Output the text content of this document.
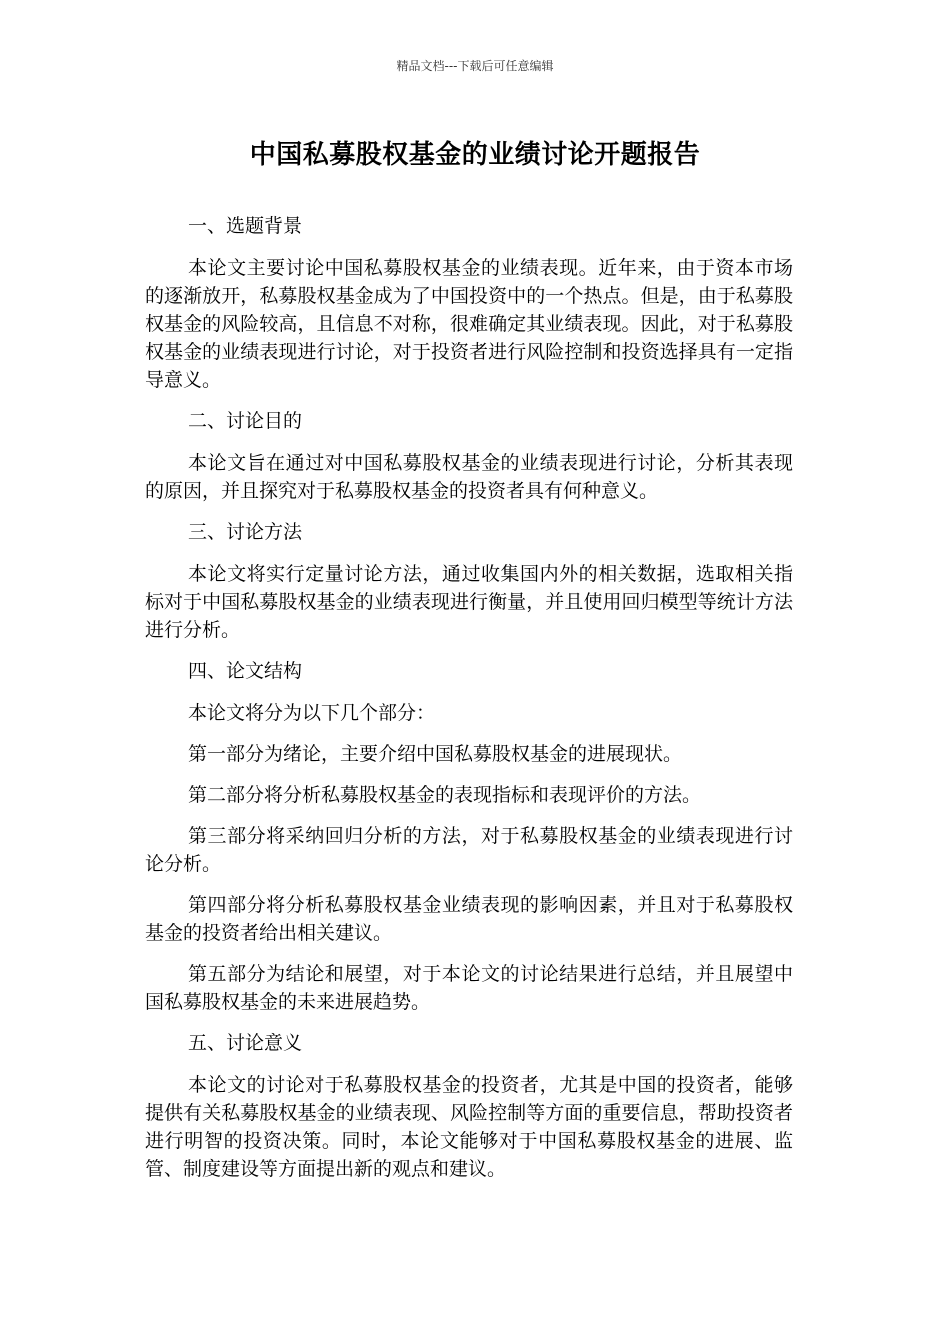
精品文档---下载后可任意编辑
中国私募股权基金的业绩讨论开题报告
一、选题背景

本论文主要讨论中国私募股权基金的业绩表现。近年来，由于资本市场的逐渐放开，私募股权基金成为了中国投资中的一个热点。但是，由于私募股权基金的风险较高，且信息不对称，很难确定其业绩表现。因此，对于私募股权基金的业绩表现进行讨论，对于投资者进行风险控制和投资选择具有一定指导意义。

二、讨论目的

本论文旨在通过对中国私募股权基金的业绩表现进行讨论，分析其表现的原因，并且探究对于私募股权基金的投资者具有何种意义。

三、讨论方法

本论文将实行定量讨论方法，通过收集国内外的相关数据，选取相关指标对于中国私募股权基金的业绩表现进行衡量，并且使用回归模型等统计方法进行分析。

四、论文结构

本论文将分为以下几个部分：

第一部分为绪论，主要介绍中国私募股权基金的进展现状。

第二部分将分析私募股权基金的表现指标和表现评价的方法。

第三部分将采纳回归分析的方法，对于私募股权基金的业绩表现进行讨论分析。

第四部分将分析私募股权基金业绩表现的影响因素，并且对于私募股权基金的投资者给出相关建议。

第五部分为结论和展望，对于本论文的讨论结果进行总结，并且展望中国私募股权基金的未来进展趋势。

五、讨论意义

本论文的讨论对于私募股权基金的投资者，尤其是中国的投资者，能够提供有关私募股权基金的业绩表现、风险控制等方面的重要信息，帮助投资者进行明智的投资决策。同时，本论文能够对于中国私募股权基金的进展、监管、制度建设等方面提出新的观点和建议。
